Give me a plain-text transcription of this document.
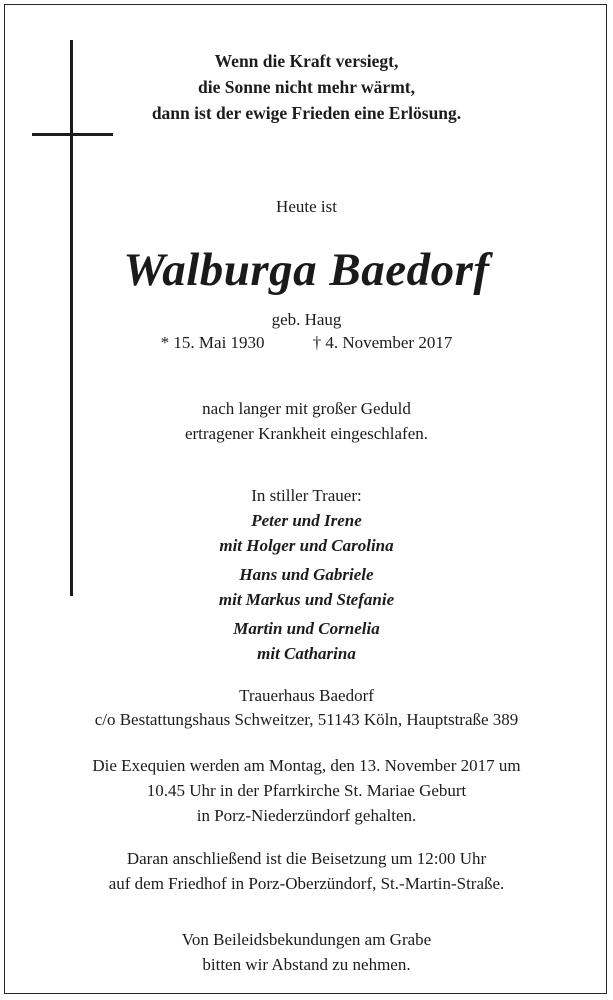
Wenn die Kraft versiegt,
die Sonne nicht mehr wärmt,
dann ist der ewige Frieden eine Erlösung.
Heute ist
Walburga Baedorf
geb. Haug
* 15. Mai 1930	† 4. November 2017
nach langer mit großer Geduld
ertragener Krankheit eingeschlafen.
In stiller Trauer:
Peter und Irene
mit Holger und Carolina
Hans und Gabriele
mit Markus und Stefanie
Martin und Cornelia
mit Catharina
Trauerhaus Baedorf
c/o Bestattungshaus Schweitzer, 51143 Köln, Hauptstraße 389
Die Exequien werden am Montag, den 13. November 2017 um
10.45 Uhr in der Pfarrkirche St. Mariae Geburt
in Porz-Niederzündorf gehalten.
Daran anschließend ist die Beisetzung um 12:00 Uhr
auf dem Friedhof in Porz-Oberzündorf, St.-Martin-Straße.
Von Beileidsbekundungen am Grabe
bitten wir Abstand zu nehmen.
